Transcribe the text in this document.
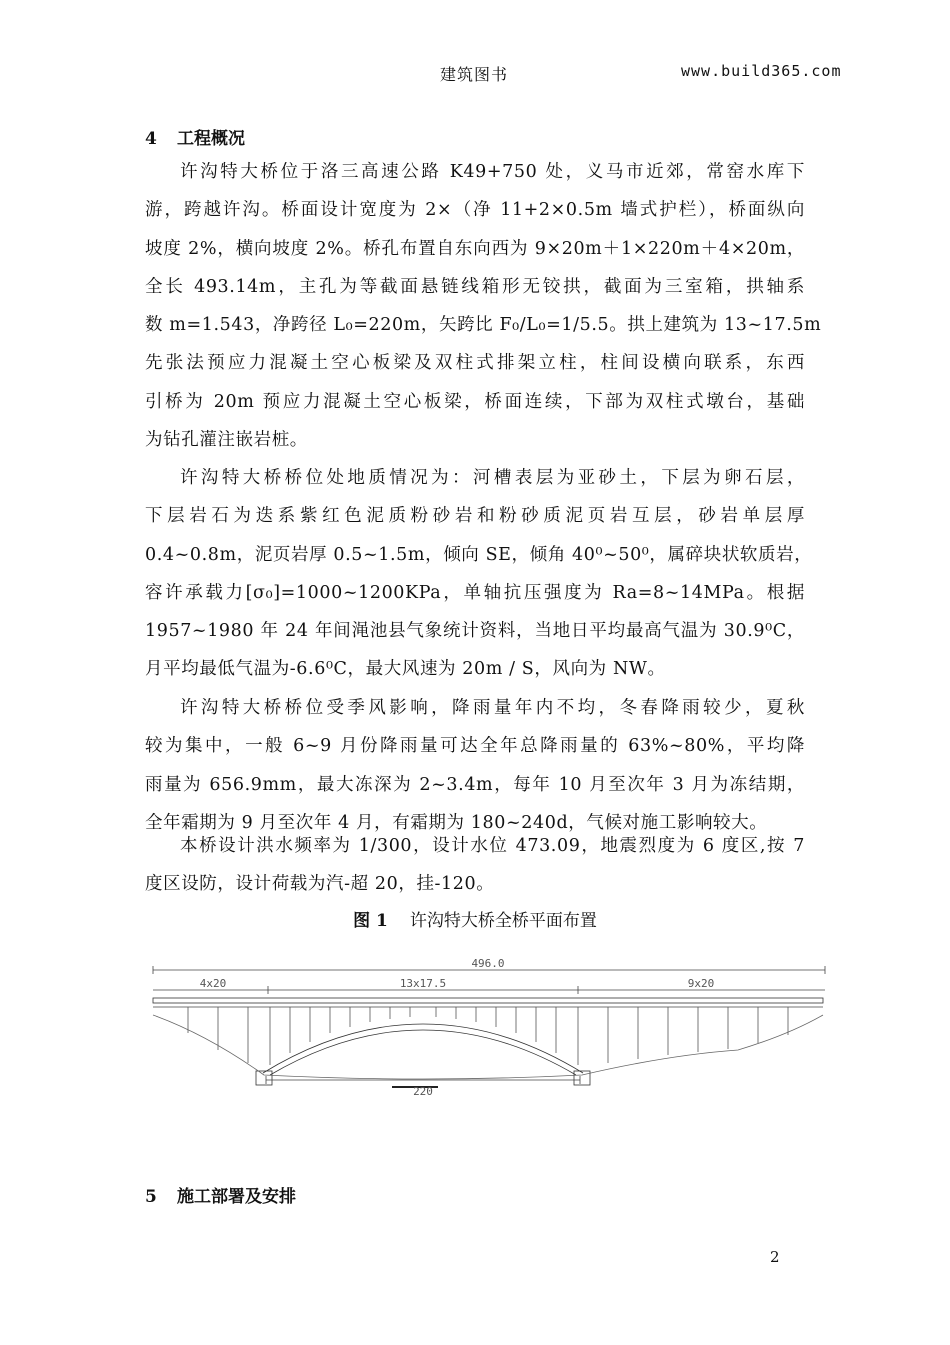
建筑图书	www.build365.com
4 工程概况
许沟特大桥位于洛三高速公路 K49+750 处，义马市近郊，常窑水库下
游，跨越许沟。桥面设计宽度为 2×（净 11+2×0.5m 墙式护栏），桥面纵向
坡度 2%，横向坡度 2%。桥孔布置自东向西为 9×20m＋1×220m＋4×20m，
全长 493.14m，主孔为等截面悬链线箱形无铰拱，截面为三室箱，拱轴系
数 m=1.543，净跨径 L₀=220m，矢跨比 F₀/L₀=1/5.5。拱上建筑为 13~17.5m
先张法预应力混凝土空心板梁及双柱式排架立柱，柱间设横向联系，东西
引桥为 20m 预应力混凝土空心板梁，桥面连续，下部为双柱式墩台，基础
为钻孔灌注嵌岩桩。
许沟特大桥桥位处地质情况为：河槽表层为亚砂土，下层为卵石层，
下层岩石为迭系紫红色泥质粉砂岩和粉砂质泥页岩互层，砂岩单层厚
0.4~0.8m，泥页岩厚 0.5~1.5m，倾向 SE，倾角 40⁰~50⁰，属碎块状软质岩，
容许承载力[σ₀]=1000~1200KPa，单轴抗压强度为 Ra=8~14MPa。根据
1957~1980 年 24 年间渑池县气象统计资料，当地日平均最高气温为 30.9⁰C，
月平均最低气温为-6.6⁰C，最大风速为 20m / S，风向为 NW。
许沟特大桥桥位受季风影响，降雨量年内不均，冬春降雨较少，夏秋
较为集中，一般 6~9 月份降雨量可达全年总降雨量的 63%~80%，平均降
雨量为 656.9mm，最大冻深为 2~3.4m，每年 10 月至次年 3 月为冻结期，
全年霜期为 9 月至次年 4 月，有霜期为 180~240d，气候对施工影响较大。
本桥设计洪水频率为 1/300，设计水位 473.09，地震烈度为 6 度区,按 7
度区设防，设计荷载为汽-超 20，挂-120。
图 1 许沟特大桥全桥平面布置
496.0
4x20	13x17.5	9x20
220
5 施工部署及安排
2
